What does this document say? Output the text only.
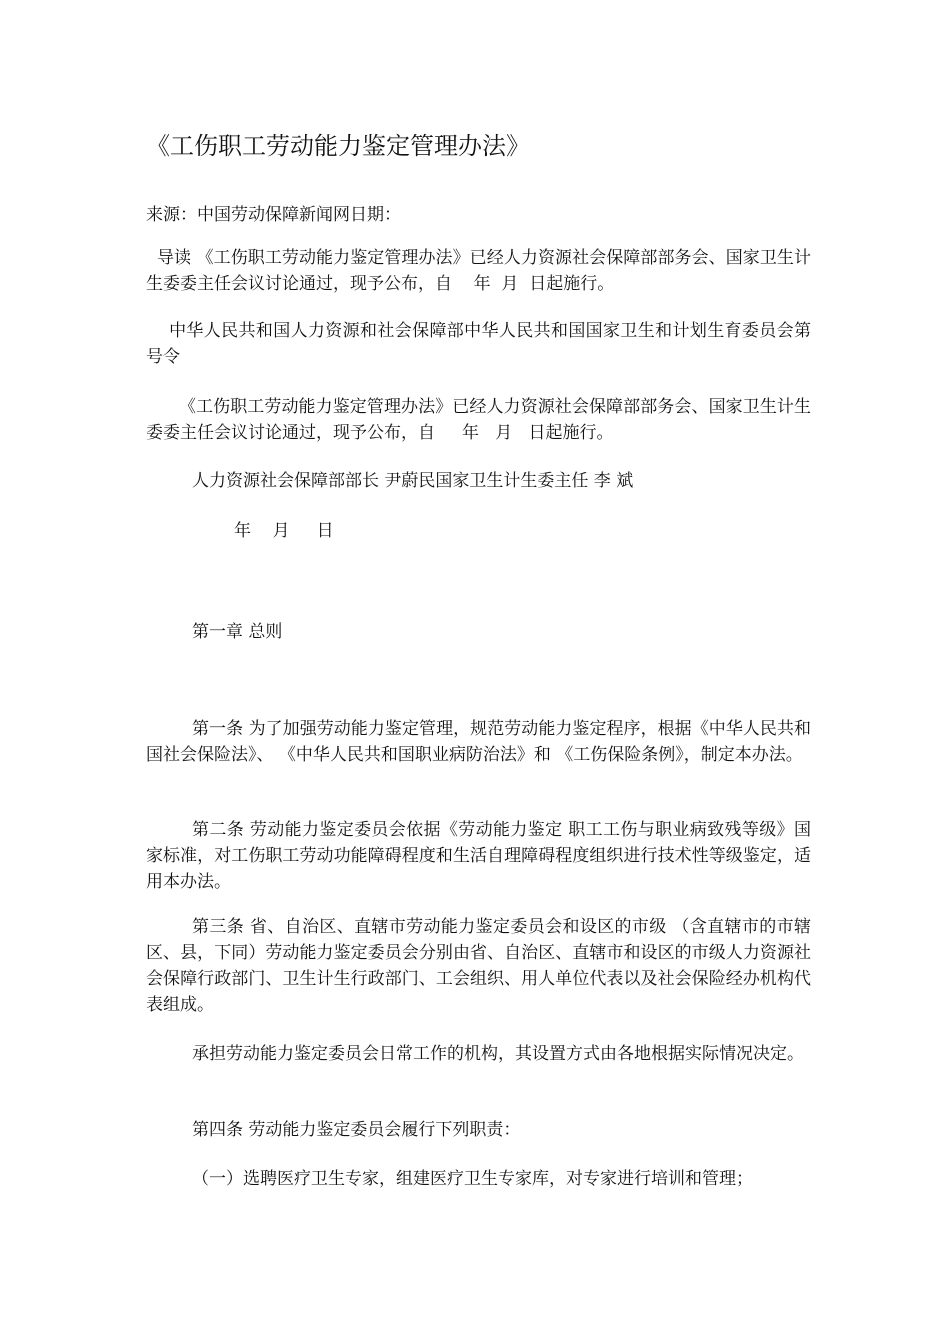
《工伤职工劳动能力鉴定管理办法》

来源：中国劳动保障新闻网日期：

导读 《工伤职工劳动能力鉴定管理办法》已经人力资源社会保障部部务会、国家卫生计生委委主任会议讨论通过，现予公布，自    年  月  日起施行。

中华人民共和国人力资源和社会保障部中华人民共和国国家卫生和计划生育委员会第    号令

《工伤职工劳动能力鉴定管理办法》已经人力资源社会保障部部务会、国家卫生计生委委主任会议讨论通过，现予公布，自     年   月   日起施行。

人力资源社会保障部部长 尹蔚民国家卫生计生委主任 李 斌

年    月     日

第一章 总则

第一条 为了加强劳动能力鉴定管理，规范劳动能力鉴定程序，根据《中华人民共和国社会保险法》、 《中华人民共和国职业病防治法》和 《工伤保险条例》，制定本办法。

第二条 劳动能力鉴定委员会依据《劳动能力鉴定 职工工伤与职业病致残等级》国家标准，对工伤职工劳动功能障碍程度和生活自理障碍程度组织进行技术性等级鉴定，适用本办法。

第三条 省、自治区、直辖市劳动能力鉴定委员会和设区的市级 （含直辖市的市辖区、县，下同）劳动能力鉴定委员会分别由省、自治区、直辖市和设区的市级人力资源社会保障行政部门、卫生计生行政部门、工会组织、用人单位代表以及社会保险经办机构代表组成。

承担劳动能力鉴定委员会日常工作的机构，其设置方式由各地根据实际情况决定。

第四条 劳动能力鉴定委员会履行下列职责：

（一）选聘医疗卫生专家，组建医疗卫生专家库，对专家进行培训和管理；
